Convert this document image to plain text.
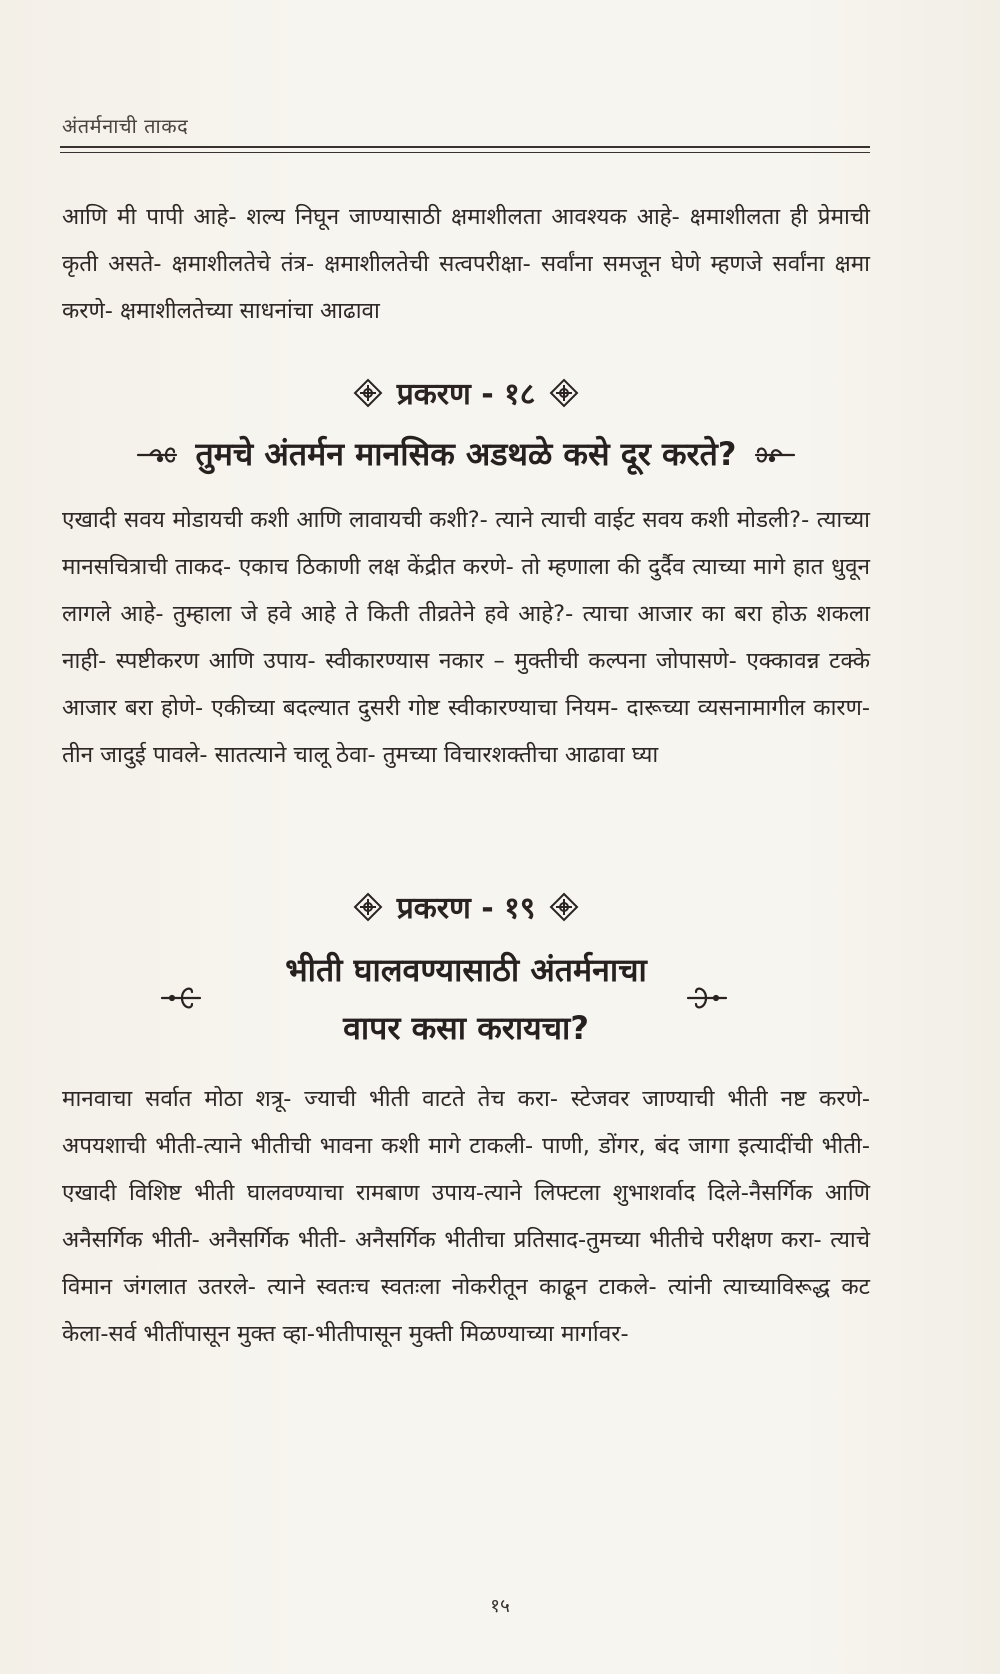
अंतर्मनाची ताकद
आणि मी पापी आहे- शल्य निघून जाण्यासाठी क्षमाशीलता आवश्यक आहे- क्षमाशीलता ही प्रेमाची कृती असते- क्षमाशीलतेचे तंत्र- क्षमाशीलतेची सत्वपरीक्षा- सर्वांना समजून घेणे म्हणजे सर्वांना क्षमा करणे- क्षमाशीलतेच्या साधनांचा आढावा
प्रकरण - १८
तुमचे अंतर्मन मानसिक अडथळे कसे दूर करते?
एखादी सवय मोडायची कशी आणि लावायची कशी?- त्याने त्याची वाईट सवय कशी मोडली?- त्याच्या मानसचित्राची ताकद- एकाच ठिकाणी लक्ष केंद्रीत करणे- तो म्हणाला की दुर्दैव त्याच्या मागे हात धुवून लागले आहे- तुम्हाला जे हवे आहे ते किती तीव्रतेने हवे आहे?- त्याचा आजार का बरा होऊ शकला नाही- स्पष्टीकरण आणि उपाय- स्वीकारण्यास नकार – मुक्तीची कल्पना जोपासणे- एक्कावन्न टक्के आजार बरा होणे- एकीच्या बदल्यात दुसरी गोष्ट स्वीकारण्याचा नियम- दारूच्या व्यसनामागील कारण- तीन जादुई पावले- सातत्याने चालू ठेवा- तुमच्या विचारशक्तीचा आढावा घ्या
प्रकरण - १९
भीती घालवण्यासाठी अंतर्मनाचा
वापर कसा करायचा?
मानवाचा सर्वात मोठा शत्रू- ज्याची भीती वाटते तेच करा- स्टेजवर जाण्याची भीती नष्ट करणे- अपयशाची भीती-त्याने भीतीची भावना कशी मागे टाकली- पाणी, डोंगर, बंद जागा इत्यादींची भीती- एखादी विशिष्ट भीती घालवण्याचा रामबाण उपाय-त्याने लिफ्टला शुभाशर्वाद दिले-नैसर्गिक आणि अनैसर्गिक भीती- अनैसर्गिक भीती- अनैसर्गिक भीतीचा प्रतिसाद-तुमच्या भीतीचे परीक्षण करा- त्याचे विमान जंगलात उतरले- त्याने स्वतःच स्वतःला नोकरीतून काढून टाकले- त्यांनी त्याच्याविरूद्ध कट केला-सर्व भीतींपासून मुक्त व्हा-भीतीपासून मुक्ती मिळण्याच्या मार्गावर-
१५
